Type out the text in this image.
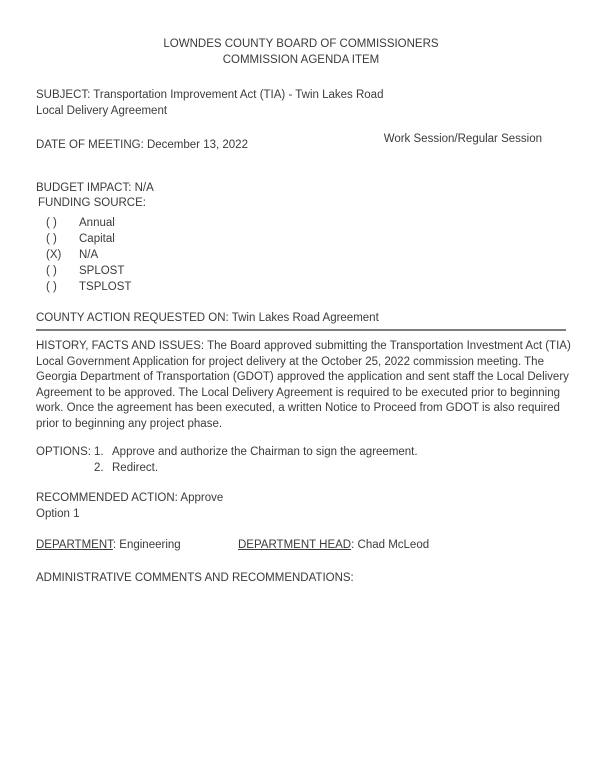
LOWNDES COUNTY BOARD OF COMMISSIONERS
COMMISSION AGENDA ITEM
SUBJECT: Transportation Improvement Act (TIA) - Twin Lakes Road Local Delivery Agreement
DATE OF MEETING: December 13, 2022	Work Session/Regular Session
BUDGET IMPACT: N/A
FUNDING SOURCE:
( )	Annual
( )	Capital
(X)	N/A
( )	SPLOST
( )	TSPLOST
COUNTY ACTION REQUESTED ON: Twin Lakes Road Agreement
HISTORY, FACTS AND ISSUES: The Board approved submitting the Transportation Investment Act (TIA) Local Government Application for project delivery at the October 25, 2022 commission meeting. The Georgia Department of Transportation (GDOT) approved the application and sent staff the Local Delivery Agreement to be approved. The Local Delivery Agreement is required to be executed prior to beginning work. Once the agreement has been executed, a written Notice to Proceed from GDOT is also required prior to beginning any project phase.
OPTIONS: 1. Approve and authorize the Chairman to sign the agreement.
2. Redirect.
RECOMMENDED ACTION: Approve
Option 1
DEPARTMENT: Engineering	DEPARTMENT HEAD: Chad McLeod
ADMINISTRATIVE COMMENTS AND RECOMMENDATIONS:
